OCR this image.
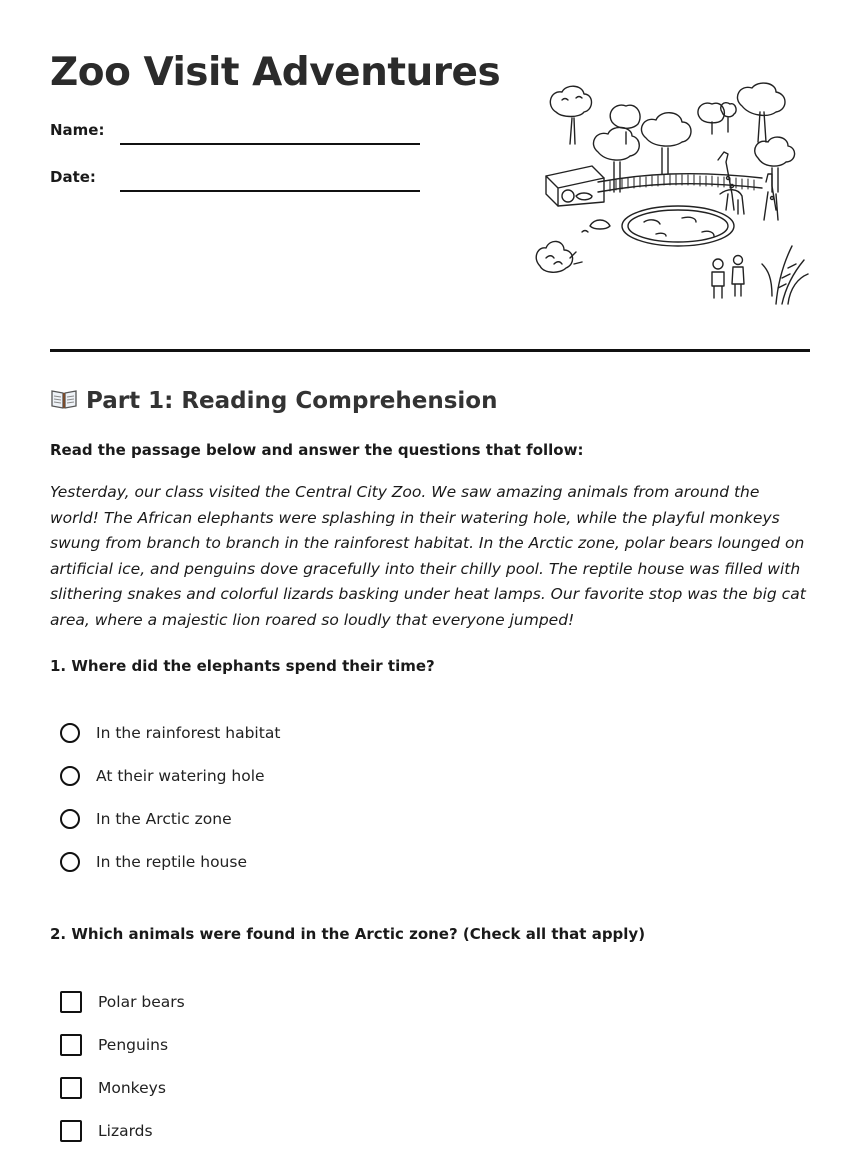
Zoo Visit Adventures
Name:
Date:
Part 1: Reading Comprehension

Read the passage below and answer the questions that follow:

Yesterday, our class visited the Central City Zoo. We saw amazing animals from around the world! The African elephants were splashing in their watering hole, while the playful monkeys swung from branch to branch in the rainforest habitat. In the Arctic zone, polar bears lounged on artificial ice, and penguins dove gracefully into their chilly pool. The reptile house was filled with slithering snakes and colorful lizards basking under heat lamps. Our favorite stop was the big cat area, where a majestic lion roared so loudly that everyone jumped!

1. Where did the elephants spend their time?

In the rainforest habitat
At their watering hole
In the Arctic zone
In the reptile house

2. Which animals were found in the Arctic zone? (Check all that apply)

Polar bears
Penguins
Monkeys
Lizards
